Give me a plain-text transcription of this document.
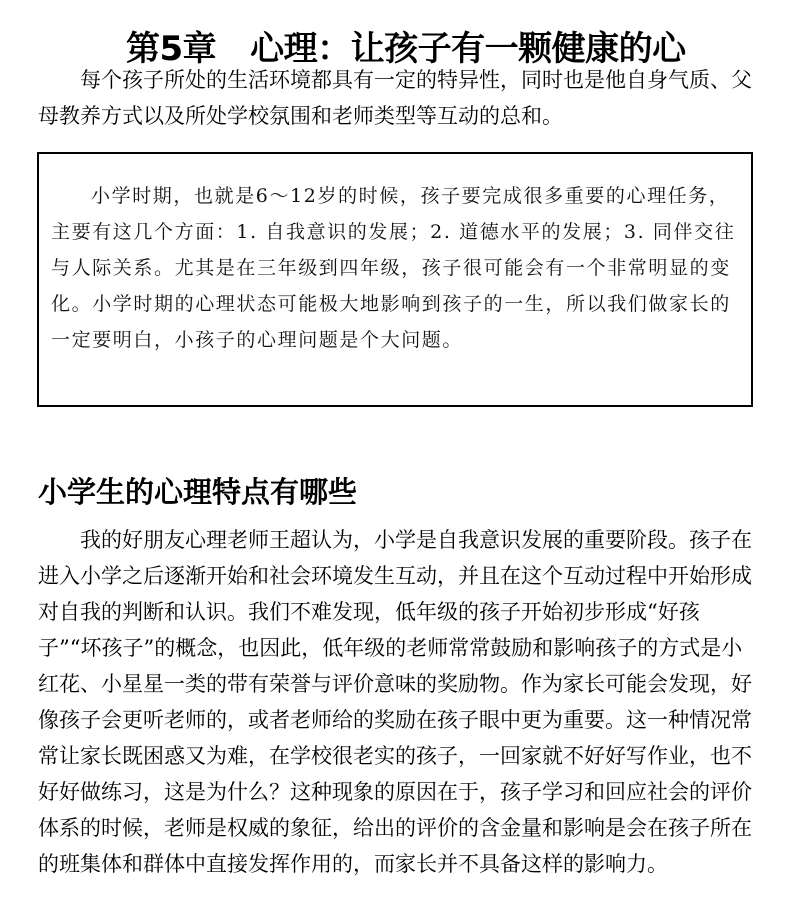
第5章 心理：让孩子有一颗健康的心

每个孩子所处的生活环境都具有一定的特异性，同时也是他自身气质、父母教养方式以及所处学校氛围和老师类型等互动的总和。

小学时期，也就是6～12岁的时候，孩子要完成很多重要的心理任务，主要有这几个方面：1. 自我意识的发展；2. 道德水平的发展；3. 同伴交往与人际关系。尤其是在三年级到四年级，孩子很可能会有一个非常明显的变化。小学时期的心理状态可能极大地影响到孩子的一生，所以我们做家长的一定要明白，小孩子的心理问题是个大问题。

小学生的心理特点有哪些

我的好朋友心理老师王超认为，小学是自我意识发展的重要阶段。孩子在进入小学之后逐渐开始和社会环境发生互动，并且在这个互动过程中开始形成对自我的判断和认识。我们不难发现，低年级的孩子开始初步形成“好孩子”“坏孩子”的概念，也因此，低年级的老师常常鼓励和影响孩子的方式是小红花、小星星一类的带有荣誉与评价意味的奖励物。作为家长可能会发现，好像孩子会更听老师的，或者老师给的奖励在孩子眼中更为重要。这一种情况常常让家长既困惑又为难，在学校很老实的孩子，一回家就不好好写作业，也不好好做练习，这是为什么？这种现象的原因在于，孩子学习和回应社会的评价体系的时候，老师是权威的象征，给出的评价的含金量和影响是会在孩子所在的班集体和群体中直接发挥作用的，而家长并不具备这样的影响力。
